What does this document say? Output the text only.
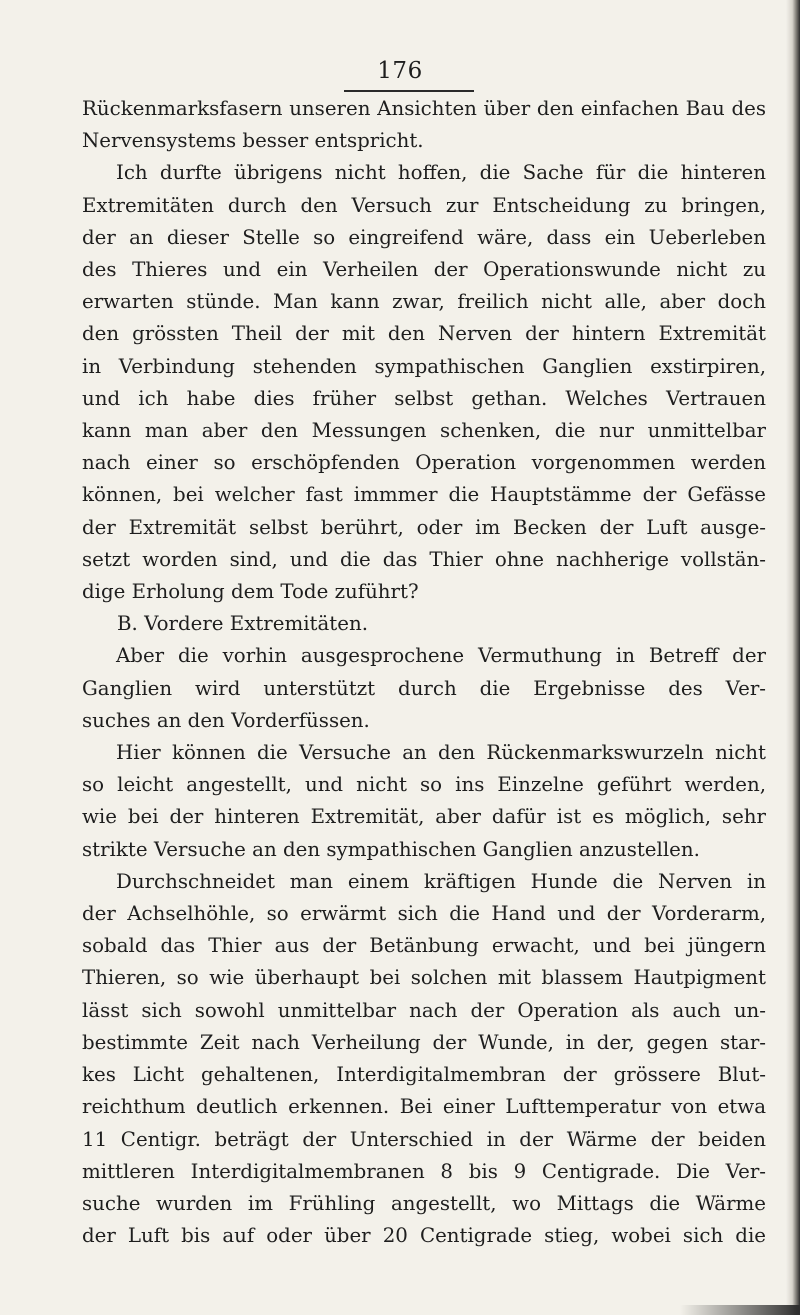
176
Rückenmarksfasern unseren Ansichten über den einfachen Bau des
Nervensystems besser entspricht.
Ich durfte übrigens nicht hoffen, die Sache für die hinteren
Extremitäten durch den Versuch zur Entscheidung zu bringen,
der an dieser Stelle so eingreifend wäre, dass ein Ueberleben
des Thieres und ein Verheilen der Operationswunde nicht zu
erwarten stünde. Man kann zwar, freilich nicht alle, aber doch
den grössten Theil der mit den Nerven der hintern Extremität
in Verbindung stehenden sympathischen Ganglien exstirpiren,
und ich habe dies früher selbst gethan. Welches Vertrauen
kann man aber den Messungen schenken, die nur unmittelbar
nach einer so erschöpfenden Operation vorgenommen werden
können, bei welcher fast immmer die Hauptstämme der Gefässe
der Extremität selbst berührt, oder im Becken der Luft ausge-
setzt worden sind, und die das Thier ohne nachherige vollstän-
dige Erholung dem Tode zuführt?
B. Vordere Extremitäten.
Aber die vorhin ausgesprochene Vermuthung in Betreff der
Ganglien wird unterstützt durch die Ergebnisse des Ver-
suches an den Vorderfüssen.
Hier können die Versuche an den Rückenmarkswurzeln nicht
so leicht angestellt, und nicht so ins Einzelne geführt werden,
wie bei der hinteren Extremität, aber dafür ist es möglich, sehr
strikte Versuche an den sympathischen Ganglien anzustellen.
Durchschneidet man einem kräftigen Hunde die Nerven in
der Achselhöhle, so erwärmt sich die Hand und der Vorderarm,
sobald das Thier aus der Betänbung erwacht, und bei jüngern
Thieren, so wie überhaupt bei solchen mit blassem Hautpigment
lässt sich sowohl unmittelbar nach der Operation als auch un-
bestimmte Zeit nach Verheilung der Wunde, in der, gegen star-
kes Licht gehaltenen, Interdigitalmembran der grössere Blut-
reichthum deutlich erkennen. Bei einer Lufttemperatur von etwa
11 Centigr. beträgt der Unterschied in der Wärme der beiden
mittleren Interdigitalmembranen 8 bis 9 Centigrade. Die Ver-
suche wurden im Frühling angestellt, wo Mittags die Wärme
der Luft bis auf oder über 20 Centigrade stieg, wobei sich die
